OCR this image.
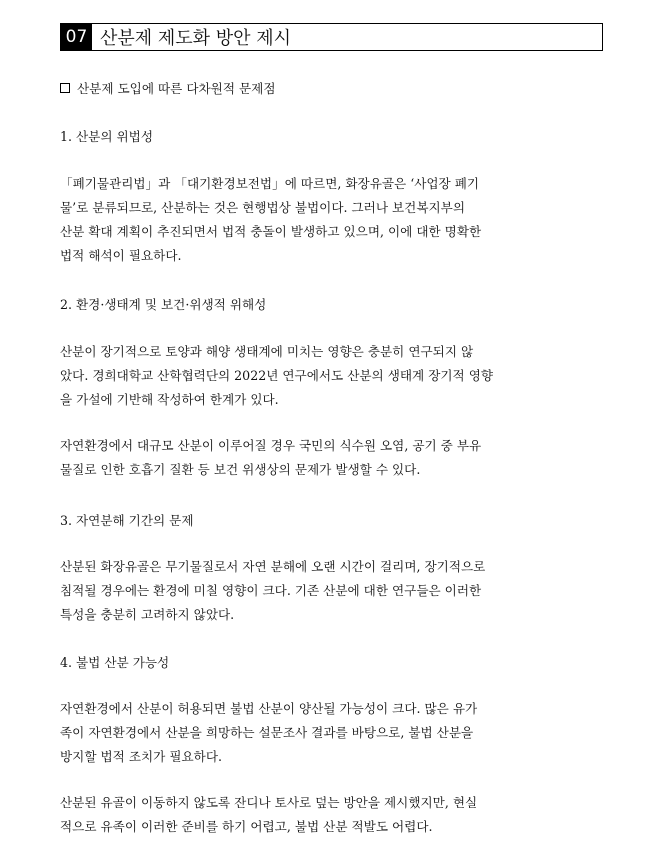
07 산분제 제도화 방안 제시
산분제 도입에 따른 다차원적 문제점
1. 산분의 위법성

「폐기물관리법」과 「대기환경보전법」에 따르면, 화장유골은 ‘사업장 폐기

물’로 분류되므로, 산분하는 것은 현행법상 불법이다. 그러나 보건복지부의

산분 확대 계획이 추진되면서 법적 충돌이 발생하고 있으며, 이에 대한 명확한

법적 해석이 필요하다.

2. 환경·생태계 및 보건·위생적 위해성

산분이 장기적으로 토양과 해양 생태계에 미치는 영향은 충분히 연구되지 않

았다. 경희대학교 산학협력단의 2022년 연구에서도 산분의 생태계 장기적 영향

을 가설에 기반해 작성하여 한계가 있다.

자연환경에서 대규모 산분이 이루어질 경우 국민의 식수원 오염, 공기 중 부유

물질로 인한 호흡기 질환 등 보건 위생상의 문제가 발생할 수 있다.

3. 자연분해 기간의 문제

산분된 화장유골은 무기물질로서 자연 분해에 오랜 시간이 걸리며, 장기적으로

침적될 경우에는 환경에 미칠 영향이 크다. 기존 산분에 대한 연구들은 이러한

특성을 충분히 고려하지 않았다.

4. 불법 산분 가능성

자연환경에서 산분이 허용되면 불법 산분이 양산될 가능성이 크다. 많은 유가

족이 자연환경에서 산분을 희망하는 설문조사 결과를 바탕으로, 불법 산분을

방지할 법적 조치가 필요하다.

산분된 유골이 이동하지 않도록 잔디나 토사로 덮는 방안을 제시했지만, 현실

적으로 유족이 이러한 준비를 하기 어렵고, 불법 산분 적발도 어렵다.
